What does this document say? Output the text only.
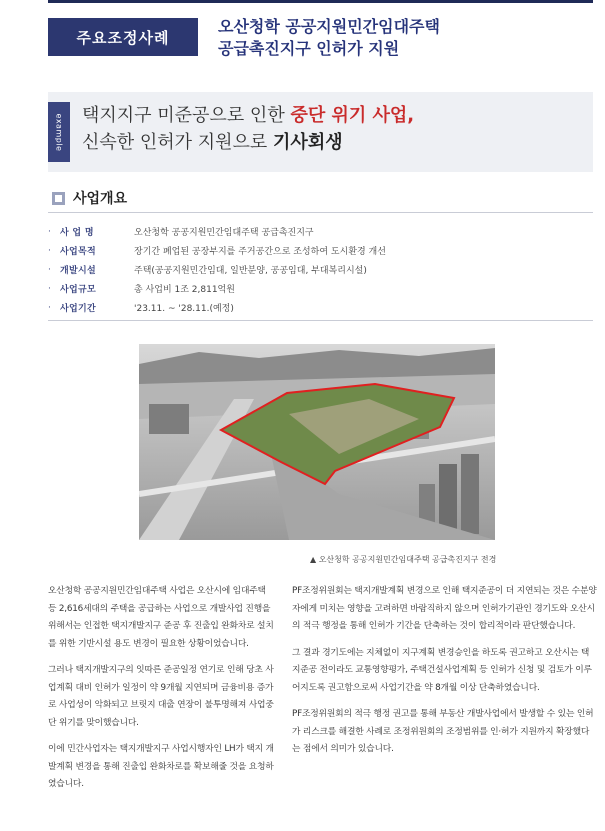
주요조정사례
오산청학 공공지원민간임대주택
공급촉진지구 인허가 지원
example 택지지구 미준공으로 인한 중단 위기 사업,
신속한 인허가 지원으로 기사회생
사업개요
·	사 업 명	오산청학 공공지원민간임대주택 공급촉진지구
·	사업목적	장기간 폐업된 공장부지를 주거공간으로 조성하여 도시환경 개선
·	개발시설	주택(공공지원민간임대, 일반분양, 공공임대, 부대복리시설)
·	사업규모	총 사업비 1조 2,811억원
·	사업기간	'23.11. ~ '28.11.(예정)
▲ 오산청학 공공지원민간임대주택 공급촉진지구 전경

오산청학 공공지원민간임대주택 사업은 오산시에 임대주택 등 2,616세대의 주택을 공급하는 사업으로 개발사업 진행을 위해서는 인접한 택지개발지구 준공 후 진출입 완화차로 설치를 위한 기반시설 용도 변경이 필요한 상황이었습니다.

그러나 택지개발지구의 잇따른 준공일정 연기로 인해 당초 사업계획 대비 인허가 일정이 약 9개월 지연되며 금융비용 증가로 사업성이 악화되고 브릿지 대출 연장이 불투명해져 사업중단 위기를 맞이했습니다.

이에 민간사업자는 택지개발지구 사업시행자인 LH가 택지 개발계획 변경을 통해 진출입 완화차로를 확보해줄 것을 요청하였습니다.

PF조정위원회는 택지개발계획 변경으로 인해 택지준공이 더 지연되는 것은 수분양자에게 미치는 영향을 고려하면 바람직하지 않으며 인허가기관인 경기도와 오산시의 적극 행정을 통해 인허가 기간을 단축하는 것이 합리적이라 판단했습니다.

그 결과 경기도에는 지체없이 지구계획 변경승인을 하도록 권고하고 오산시는 택지준공 전이라도 교통영향평가, 주택건설사업계획 등 인허가 신청 및 검토가 이루어지도록 권고함으로써 사업기간을 약 8개월 이상 단축하였습니다.

PF조정위원회의 적극 행정 권고를 통해 부동산 개발사업에서 발생할 수 있는 인허가 리스크를 해결한 사례로 조정위원회의 조정범위를 인·허가 지원까지 확장했다는 점에서 의미가 있습니다.
